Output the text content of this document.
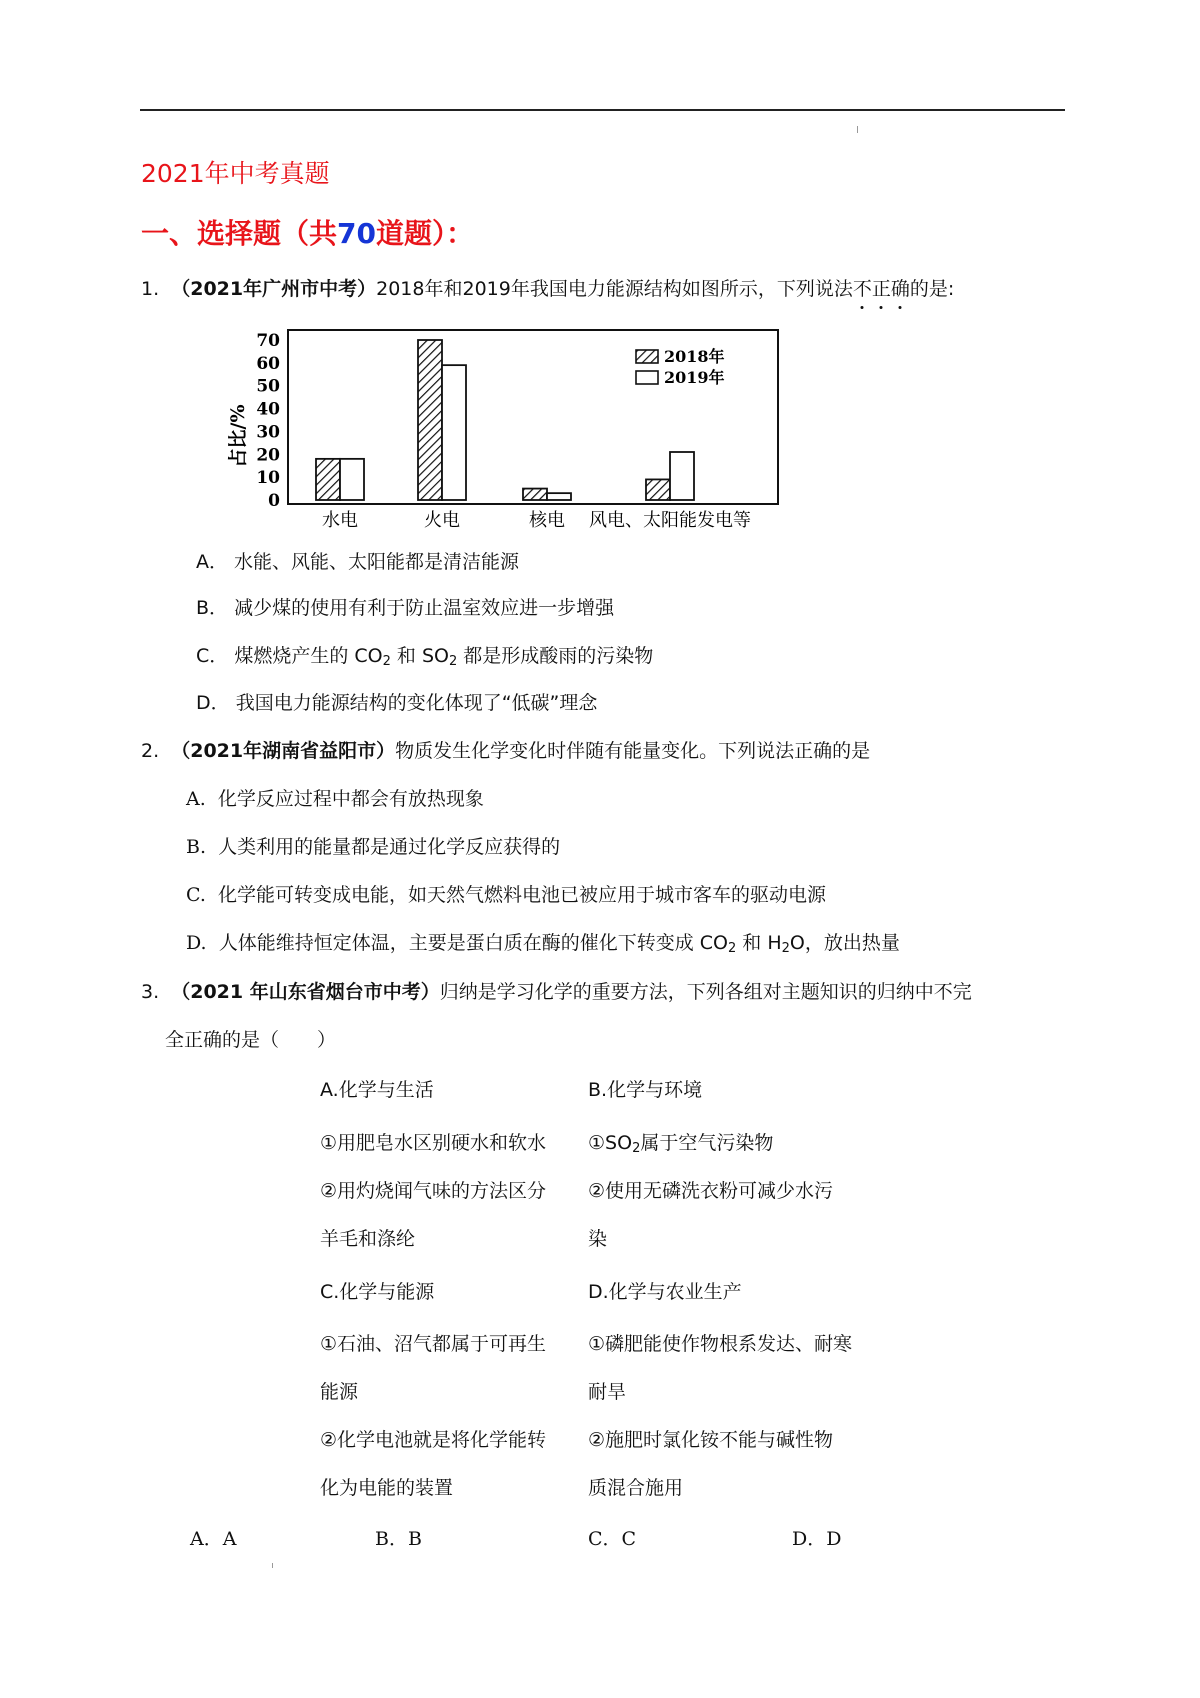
2021年中考真题
一、选择题（共70道题）：
1. （2021年广州市中考）2018年和2019年我国电力能源结构如图所示，下列说法不正确的是:
0
10
20
30
40
50
60
70
水电	火电	核电 风电、太阳能发电等
占比/%
2018年
2019年
A． 水能、风能、太阳能都是清洁能源
B． 减少煤的使用有利于防止温室效应进一步增强
C． 煤燃烧产生的 $CO_2$ 和 $SO_2$ 都是形成酸雨的污染物
D． 我国电力能源结构的变化体现了“低碳”理念
2. （2021年湖南省益阳市）物质发生化学变化时伴随有能量变化。下列说法正确的是
A. 化学反应过程中都会有放热现象
B. 人类利用的能量都是通过化学反应获得的
C. 化学能可转变成电能，如天然气燃料电池已被应用于城市客车的驱动电源
D. 人体能维持恒定体温，主要是蛋白质在酶的催化下转变成 $CO_2$ 和 $H_2O$，放出热量
3. （2021 年山东省烟台市中考）归纳是学习化学的重要方法，下列各组对主题知识的归纳中不完
全正确的是（　　）
A.化学与生活	B.化学与环境
①用肥皂水区别硬水和软水 $①SO_2$属于空气污染物
②用灼烧闻气味的方法区分 ②使用无磷洗衣粉可减少水污
羊毛和涤纶	染
C.化学与能源	D.化学与农业生产
①石油、沼气都属于可再生 ①磷肥能使作物根系发达、耐寒
能源	耐旱
②化学电池就是将化学能转 ②施肥时氯化铵不能与碱性物
化为电能的装置	质混合施用
A．A	B．B	C．C	D．D
